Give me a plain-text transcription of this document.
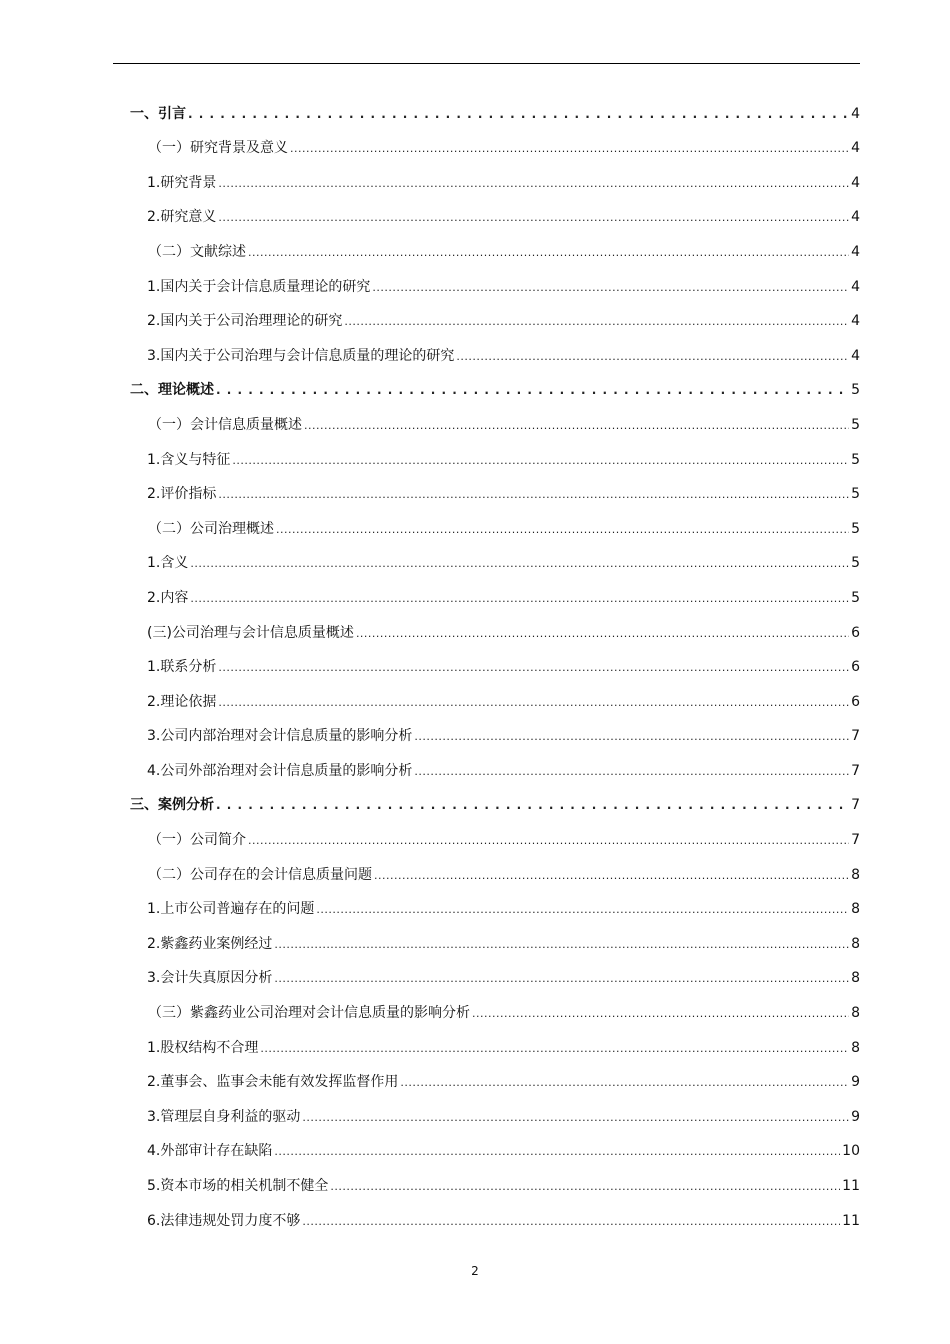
一、引言 . . .	4
（一）研究背景及意义 .....	4
1.研究背景 .....	4
2.研究意义 .....	4
（二）文献综述 .....	4
1.国内关于会计信息质量理论的研究 .....	4
2.国内关于公司治理理论的研究 .....	4
3.国内关于公司治理与会计信息质量的理论的研究 .....	4
二、理论概述 . . .	5
（一）会计信息质量概述 .....	5
1.含义与特征 .....	5
2.评价指标 .....	5
（二）公司治理概述 .....	5
1.含义 .....	5
2.内容 .....	5
(三)公司治理与会计信息质量概述 .....	6
1.联系分析 .....	6
2.理论依据 .....	6
3.公司内部治理对会计信息质量的影响分析 .....	7
4.公司外部治理对会计信息质量的影响分析 .....	7
三、案例分析 . . .	7
（一）公司简介 .....	7
（二）公司存在的会计信息质量问题 .....	8
1.上市公司普遍存在的问题 .....	8
2.紫鑫药业案例经过 .....	8
3.会计失真原因分析 .....	8
（三）紫鑫药业公司治理对会计信息质量的影响分析 .....	8
1.股权结构不合理 .....	8
2.董事会、监事会未能有效发挥监督作用 .....	9
3.管理层自身利益的驱动 .....	9
4.外部审计存在缺陷 .....	10
5.资本市场的相关机制不健全 .....	11
6.法律违规处罚力度不够 .....	11
2
